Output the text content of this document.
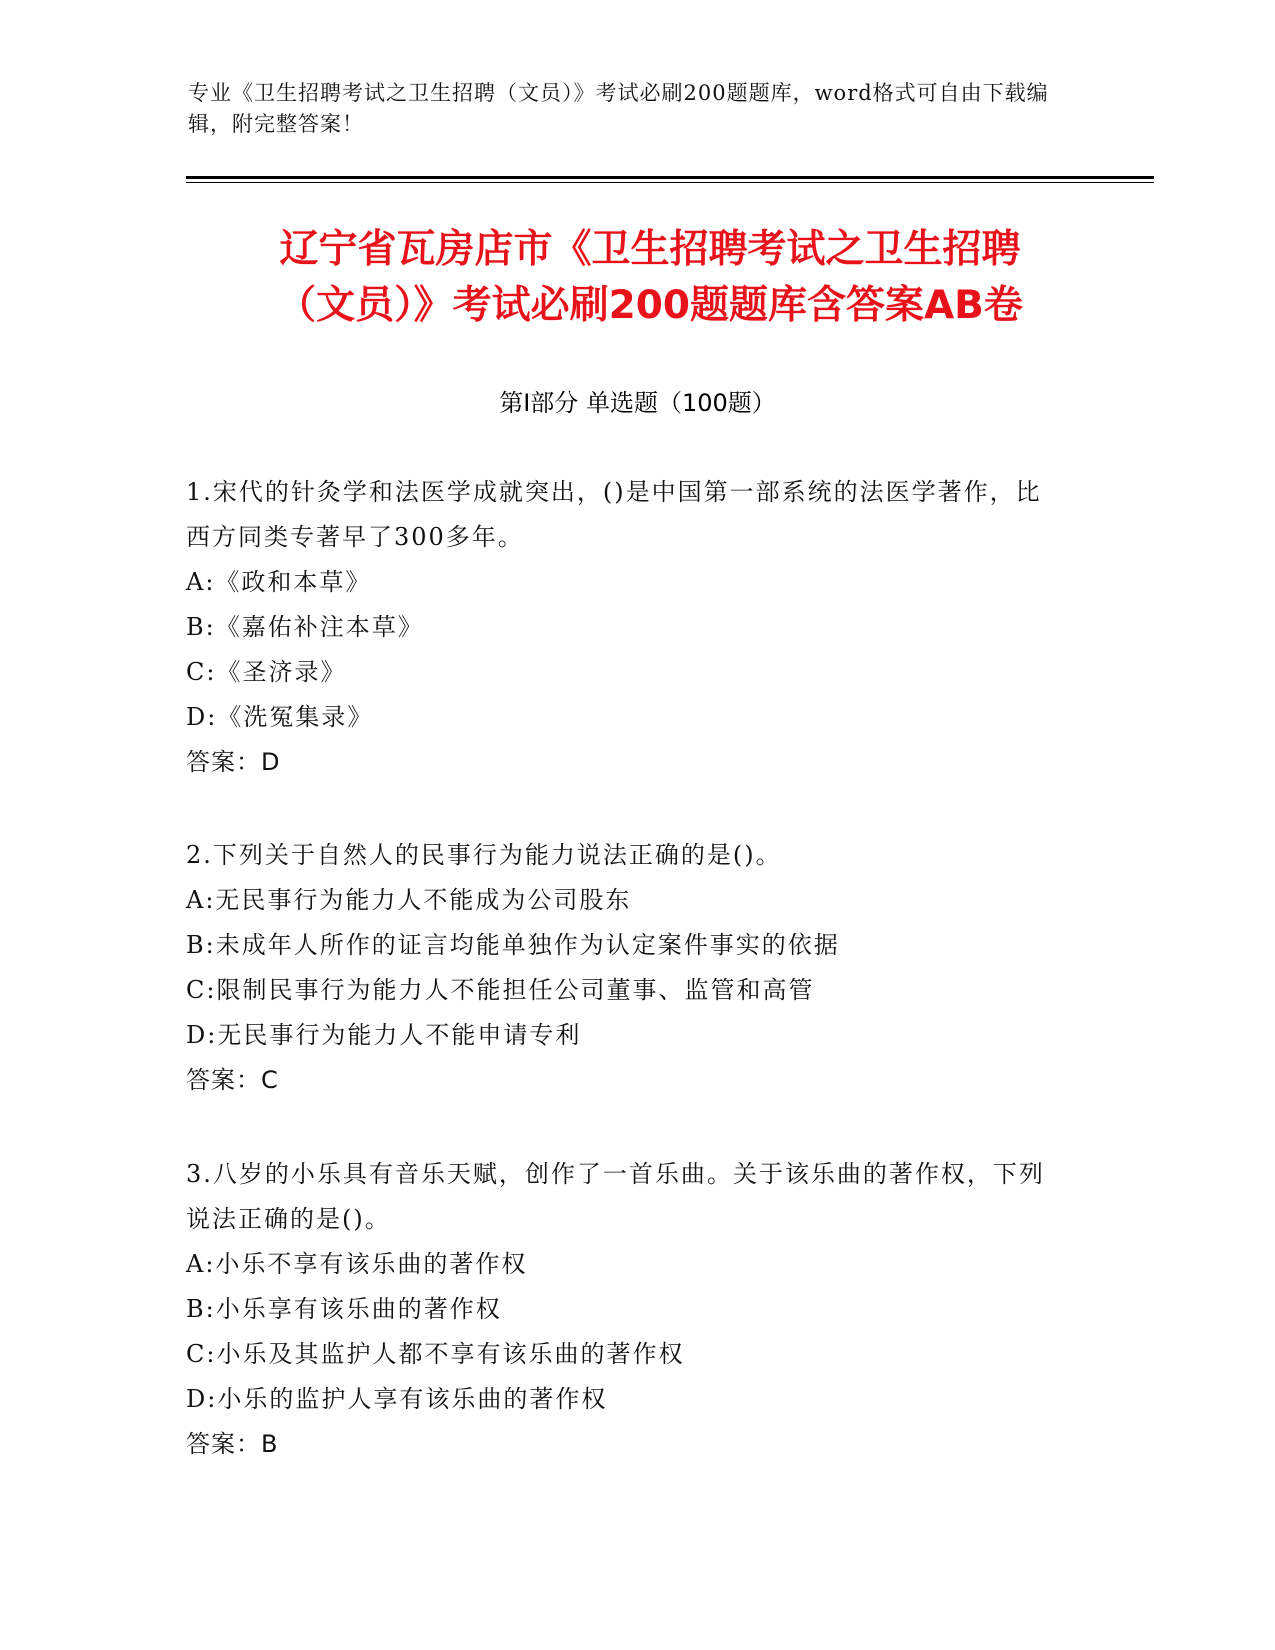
专业《卫生招聘考试之卫生招聘（文员）》考试必刷200题题库，word格式可自由下载编辑，附完整答案！
辽宁省瓦房店市《卫生招聘考试之卫生招聘
（文员）》考试必刷200题题库含答案AB卷
第Ⅰ部分 单选题（100题）

1.宋代的针灸学和法医学成就突出，()是中国第一部系统的法医学著作，比西方同类专著早了300多年。

A:《政和本草》

B:《嘉佑补注本草》

C:《圣济录》

D:《洗冤集录》

答案：D

2.下列关于自然人的民事行为能力说法正确的是()。

A:无民事行为能力人不能成为公司股东

B:未成年人所作的证言均能单独作为认定案件事实的依据

C:限制民事行为能力人不能担任公司董事、监管和高管

D:无民事行为能力人不能申请专利

答案：C

3.八岁的小乐具有音乐天赋，创作了一首乐曲。关于该乐曲的著作权，下列说法正确的是()。

A:小乐不享有该乐曲的著作权

B:小乐享有该乐曲的著作权

C:小乐及其监护人都不享有该乐曲的著作权

D:小乐的监护人享有该乐曲的著作权

答案：B
